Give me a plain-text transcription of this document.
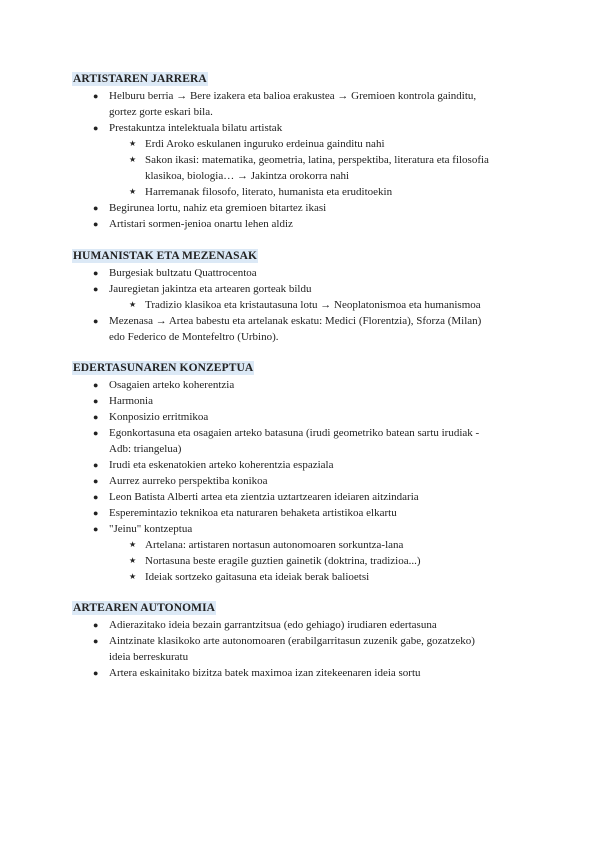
ARTISTAREN JARRERA
● Helburu berria → Bere izakera eta balioa erakustea → Gremioen kontrola gainditu,
gortez gorte eskari bila.
● Prestakuntza intelektuala bilatu artistak
★ Erdi Aroko eskulanen inguruko erdeinua gainditu nahi
★ Sakon ikasi: matematika, geometria, latina, perspektiba, literatura eta filosofia
klasikoa, biologia… → Jakintza orokorra nahi
★ Harremanak filosofo, literato, humanista eta eruditoekin
● Begirunea lortu, nahiz eta gremioen bitartez ikasi
● Artistari sormen-jenioa onartu lehen aldiz
HUMANISTAK ETA MEZENASAK
● Burgesiak bultzatu Quattrocentoa
● Jauregietan jakintza eta artearen gorteak bildu
★ Tradizio klasikoa eta kristautasuna lotu → Neoplatonismoa eta humanismoa
● Mezenasa → Artea babestu eta artelanak eskatu: Medici (Florentzia), Sforza (Milan)
edo Federico de Montefeltro (Urbino).
EDERTASUNAREN KONZEPTUA
● Osagaien arteko koherentzia
● Harmonia
● Konposizio erritmikoa
● Egonkortasuna eta osagaien arteko batasuna (irudi geometriko batean sartu irudiak -
Adb: triangelua)
● Irudi eta eskenatokien arteko koherentzia espaziala
● Aurrez aurreko perspektiba konikoa
● Leon Batista Alberti artea eta zientzia uztartzearen ideiaren aitzindaria
● Esperemintazio teknikoa eta naturaren behaketa artistikoa elkartu
● "Jeinu" kontzeptua
★ Artelana: artistaren nortasun autonomoaren sorkuntza-lana
★ Nortasuna beste eragile guztien gainetik (doktrina, tradizioa...)
★ Ideiak sortzeko gaitasuna eta ideiak berak balioetsi
ARTEAREN AUTONOMIA
● Adierazitako ideia bezain garrantzitsua (edo gehiago) irudiaren edertasuna
● Aintzinate klasikoko arte autonomoaren (erabilgarritasun zuzenik gabe, gozatzeko)
ideia berreskuratu
● Artera eskainitako bizitza batek maximoa izan zitekeenaren ideia sortu
